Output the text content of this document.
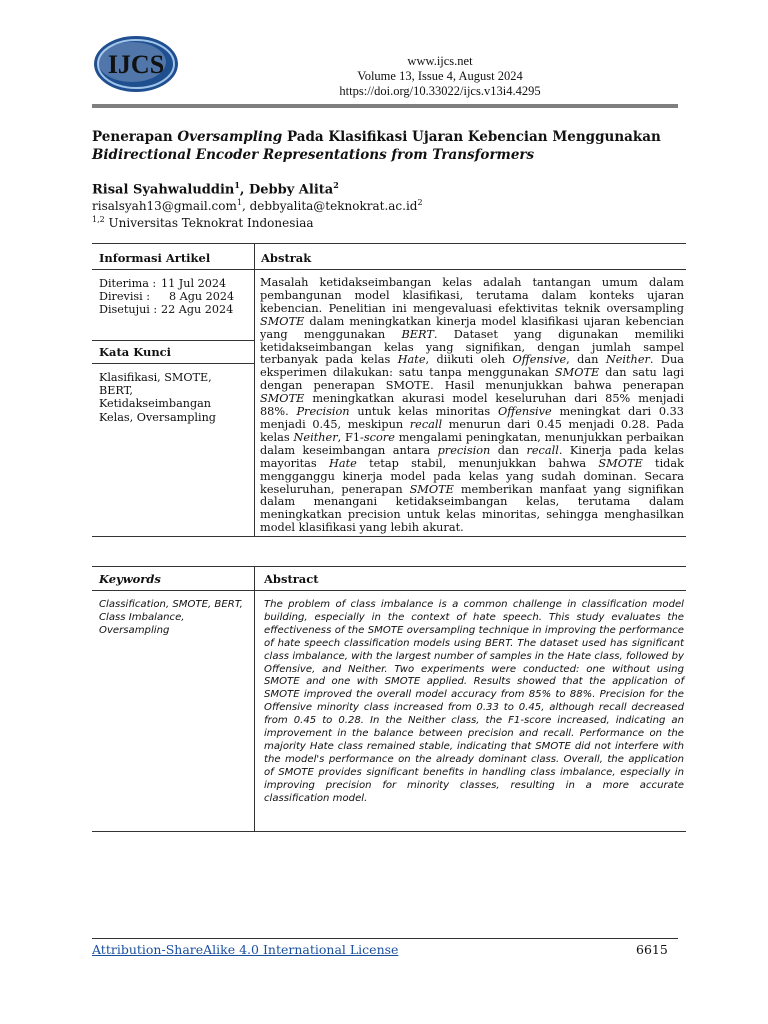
IJCS	www.ijcs.net
Volume 13, Issue 4, August 2024
https://doi.org/10.33022/ijcs.v13i4.4295
Penerapan Oversampling Pada Klasifikasi Ujaran Kebencian Menggunakan
Bidirectional Encoder Representations from Transformers
Risal Syahwaluddin$^1$, Debby Alita$^2$
risalsyah13@gmail.com$^1$, $debbyalita@teknokrat.ac.id^2$
$^{1,2}$ Universitas Teknokrat Indonesiaa
Informasi Artikel	Abstrak
Diterima : 11 Jul 2024
Direvisi :	8 Agu 2024
Disetujui : 22 Agu 2024
Kata Kunci
Klasifikasi, SMOTE,
BERT,
Ketidakseimbangan
Kelas, Oversampling
Masalah ketidakseimbangan kelas adalah tantangan umum dalam pembangunan model klasifikasi, terutama dalam konteks ujaran kebencian. Penelitian ini mengevaluasi efektivitas teknik oversampling SMOTE dalam meningkatkan kinerja model klasifikasi ujaran kebencian yang menggunakan BERT. Dataset yang digunakan memiliki ketidakseimbangan kelas yang signifikan, dengan jumlah sampel terbanyak pada kelas Hate, diikuti oleh Offensive, dan Neither. Dua eksperimen dilakukan: satu tanpa menggunakan SMOTE dan satu lagi dengan penerapan SMOTE. Hasil menunjukkan bahwa penerapan SMOTE meningkatkan akurasi model keseluruhan dari 85% menjadi 88%. Precision untuk kelas minoritas Offensive meningkat dari 0.33 menjadi 0.45, meskipun recall menurun dari 0.45 menjadi 0.28. Pada kelas Neither, F1-score mengalami peningkatan, menunjukkan perbaikan dalam keseimbangan antara precision dan recall. Kinerja pada kelas mayoritas Hate tetap stabil, menunjukkan bahwa SMOTE tidak mengganggu kinerja model pada kelas yang sudah dominan. Secara keseluruhan, penerapan SMOTE memberikan manfaat yang signifikan dalam menangani ketidakseimbangan kelas, terutama dalam meningkatkan precision untuk kelas minoritas, sehingga menghasilkan model klasifikasi yang lebih akurat.
Keywords	Abstract
Classification, SMOTE, BERT,
Class Imbalance,
Oversampling
The problem of class imbalance is a common challenge in classification model building, especially in the context of hate speech. This study evaluates the effectiveness of the SMOTE oversampling technique in improving the performance of hate speech classification models using BERT. The dataset used has significant class imbalance, with the largest number of samples in the Hate class, followed by Offensive, and Neither. Two experiments were conducted: one without using SMOTE and one with SMOTE applied. Results showed that the application of SMOTE improved the overall model accuracy from 85% to 88%. Precision for the Offensive minority class increased from 0.33 to 0.45, although recall decreased from 0.45 to 0.28. In the Neither class, the F1-score increased, indicating an improvement in the balance between precision and recall. Performance on the majority Hate class remained stable, indicating that SMOTE did not interfere with the model's performance on the already dominant class. Overall, the application of SMOTE provides significant benefits in handling class imbalance, especially in improving precision for minority classes, resulting in a more accurate classification model.
Attribution-ShareAlike 4.0 International License	6615
